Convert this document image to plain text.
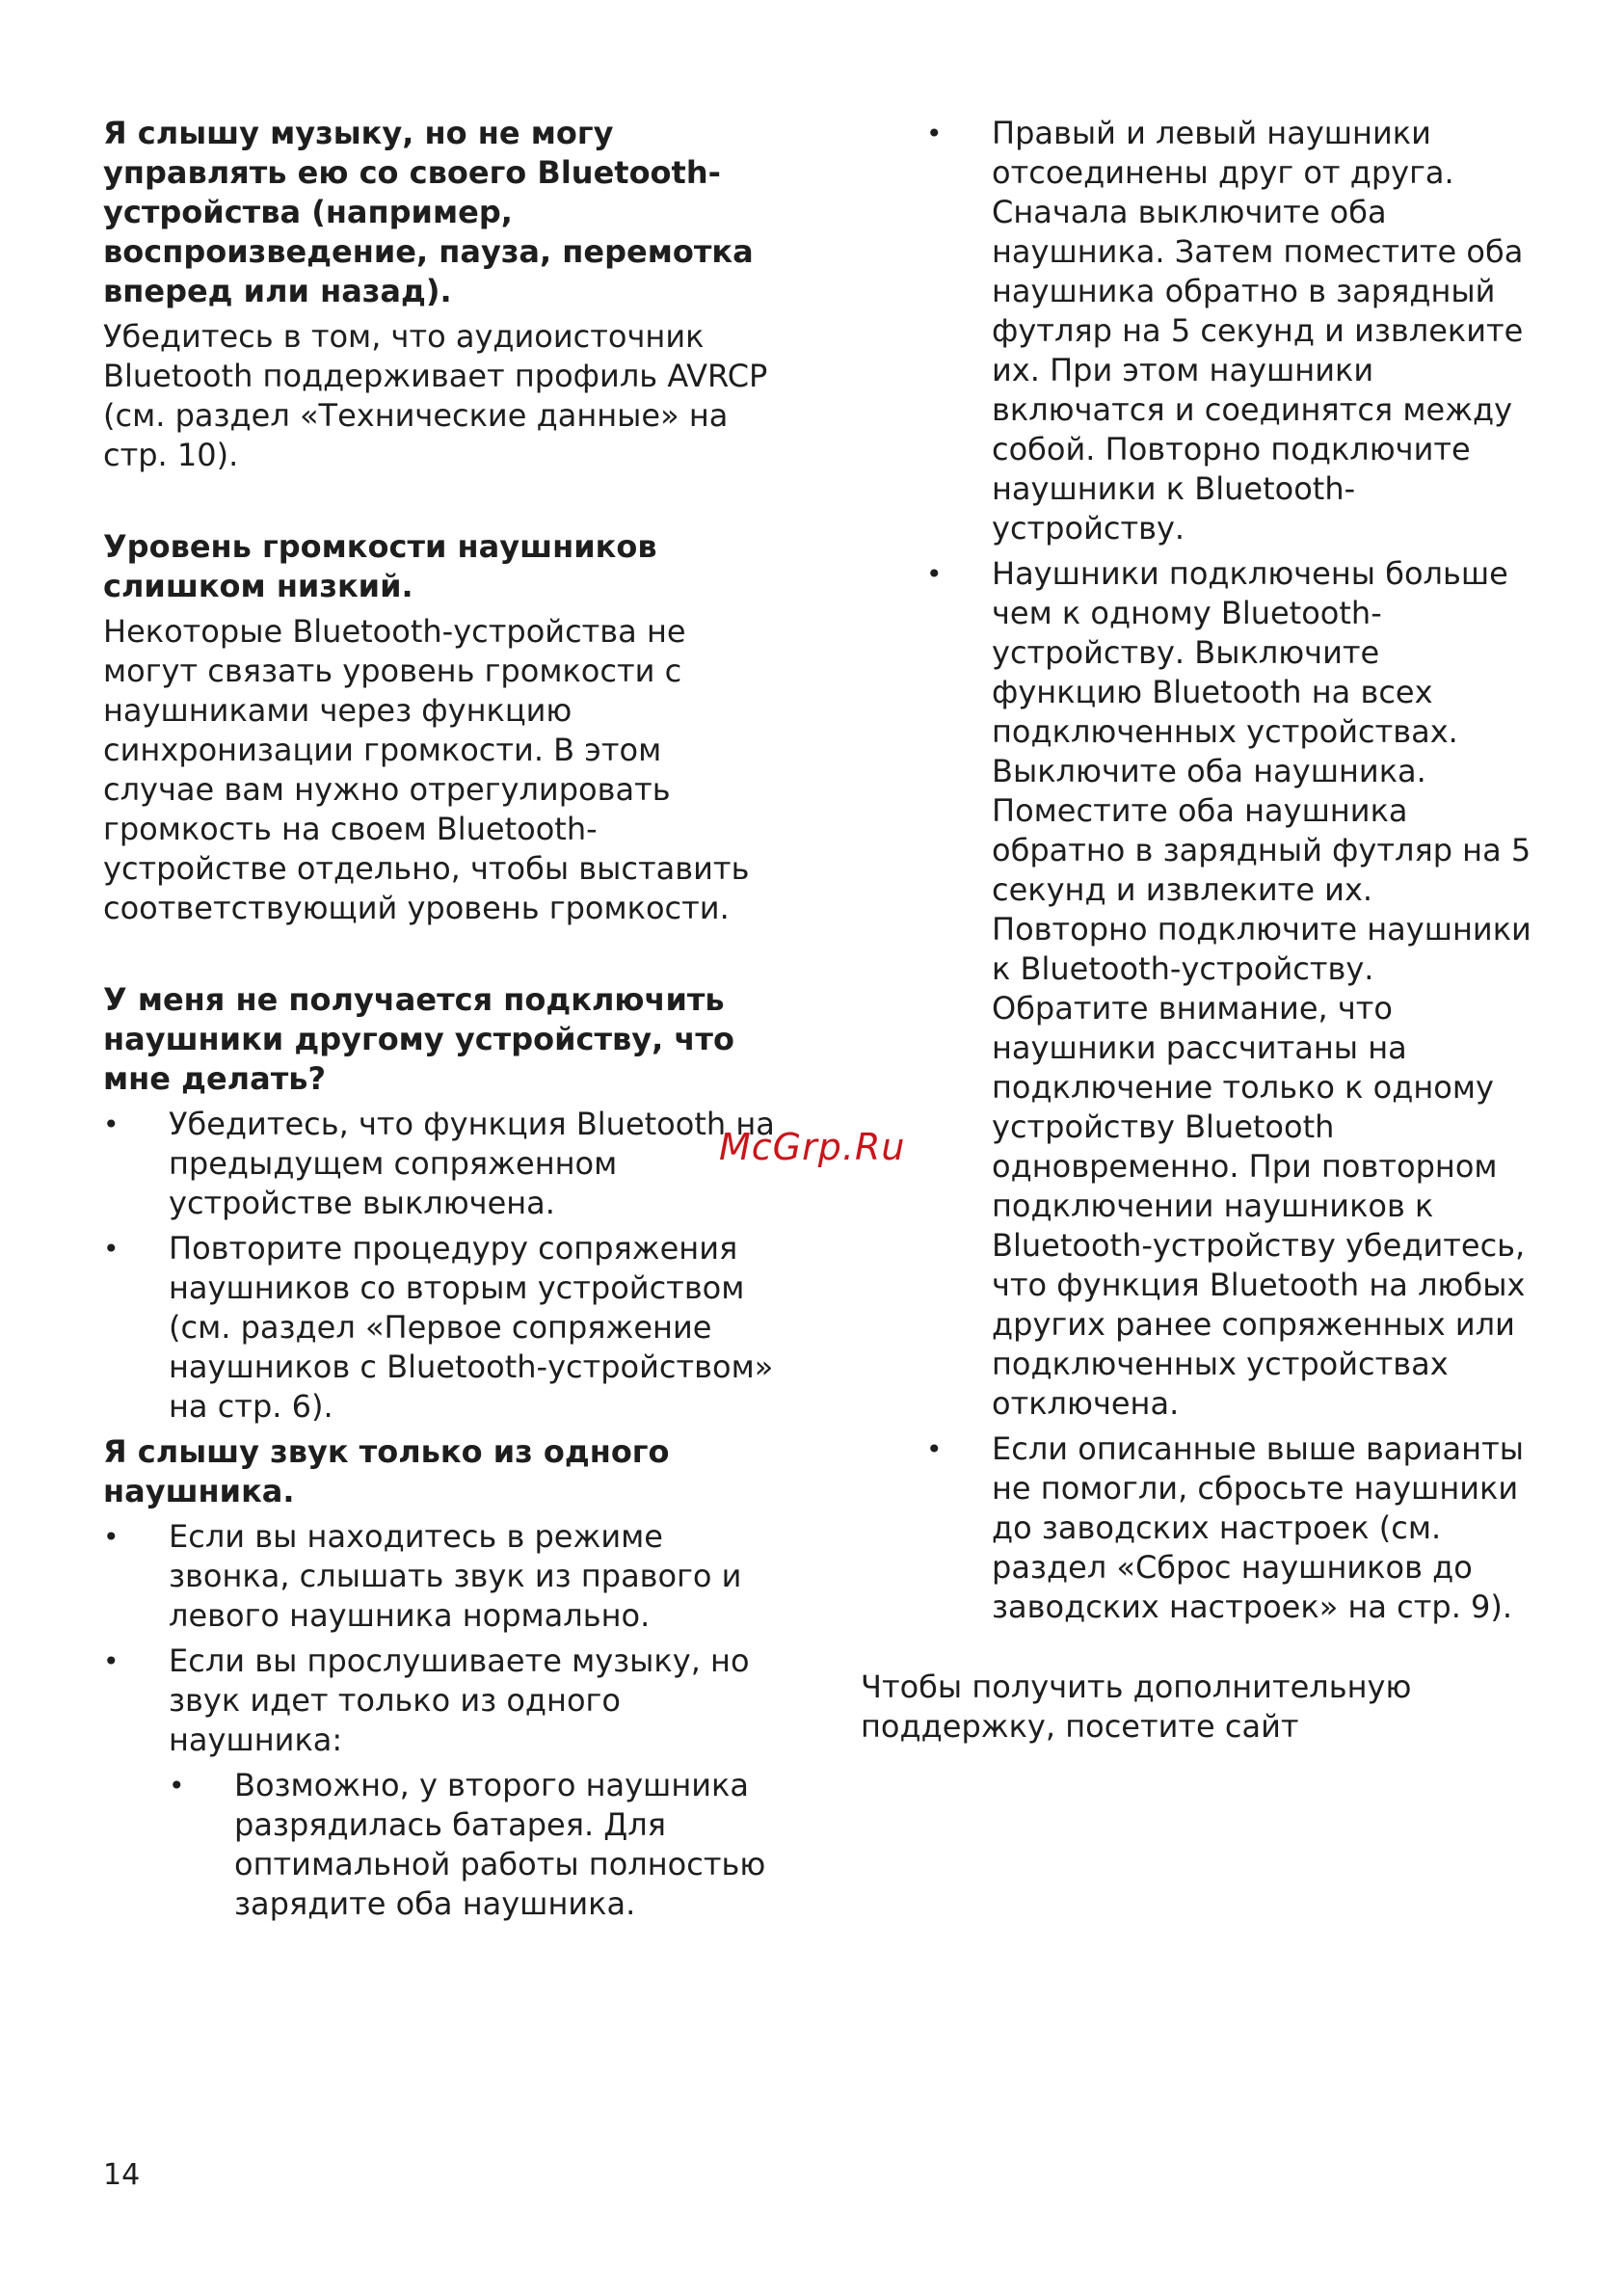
Я слышу музыку, но не могу управлять ею со своего Bluetooth-устройства (например, воспроизведение, пауза, перемотка вперед или назад).

Убедитесь в том, что аудиоисточник Bluetooth поддерживает профиль AVRCP (см. раздел «Технические данные» на стр. 10).

Уровень громкости наушников слишком низкий.

Некоторые Bluetooth-устройства не могут связать уровень громкости с наушниками через функцию синхронизации громкости. В этом случае вам нужно отрегулировать громкость на своем Bluetooth-устройстве отдельно, чтобы выставить соответствующий уровень громкости.

У меня не получается подключить наушники другому устройству, что мне делать?

• Убедитесь, что функция Bluetooth на предыдущем сопряженном устройстве выключена.
• Повторите процедуру сопряжения наушников со вторым устройством (см. раздел «Первое сопряжение наушников с Bluetooth-устройством» на стр. 6).

Я слышу звук только из одного наушника.

• Если вы находитесь в режиме звонка, слышать звук из правого и левого наушника нормально.
• Если вы прослушиваете музыку, но звук идет только из одного наушника:
• Возможно, у второго наушника разрядилась батарея. Для оптимальной работы полностью зарядите оба наушника.
• Правый и левый наушники отсоединены друг от друга. Сначала выключите оба наушника. Затем поместите оба наушника обратно в зарядный футляр на 5 секунд и извлеките их. При этом наушники включатся и соединятся между собой. Повторно подключите наушники к Bluetooth-устройству.
• Наушники подключены больше чем к одному Bluetooth-устройству. Выключите функцию Bluetooth на всех подключенных устройствах. Выключите оба наушника. Поместите оба наушника обратно в зарядный футляр на 5 секунд и извлеките их. Повторно подключите наушники к Bluetooth-устройству. Обратите внимание, что наушники рассчитаны на подключение только к одному устройству Bluetooth одновременно. При повторном подключении наушников к Bluetooth-устройству убедитесь, что функция Bluetooth на любых других ранее сопряженных или подключенных устройствах отключена.
• Если описанные выше варианты не помогли, сбросьте наушники до заводских настроек (см. раздел «Сброс наушников до заводских настроек» на стр. 9).

Чтобы получить дополнительную поддержку, посетите сайт

McGrp.Ru
14
